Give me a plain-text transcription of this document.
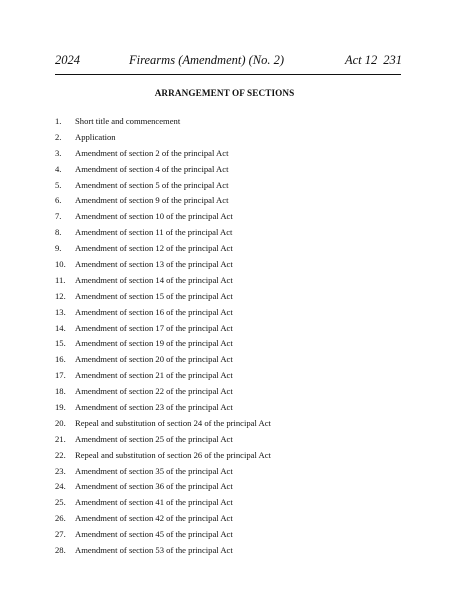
2024	Firearms (Amendment) (No. 2)	Act 12 231
ARRANGEMENT OF SECTIONS
1. Short title and commencement
2. Application
3. Amendment of section 2 of the principal Act
4. Amendment of section 4 of the principal Act
5. Amendment of section 5 of the principal Act
6. Amendment of section 9 of the principal Act
7. Amendment of section 10 of the principal Act
8. Amendment of section 11 of the principal Act
9. Amendment of section 12 of the principal Act
10. Amendment of section 13 of the principal Act
11. Amendment of section 14 of the principal Act
12. Amendment of section 15 of the principal Act
13. Amendment of section 16 of the principal Act
14. Amendment of section 17 of the principal Act
15. Amendment of section 19 of the principal Act
16. Amendment of section 20 of the principal Act
17. Amendment of section 21 of the principal Act
18. Amendment of section 22 of the principal Act
19. Amendment of section 23 of the principal Act
20. Repeal and substitution of section 24 of the principal Act
21. Amendment of section 25 of the principal Act
22. Repeal and substitution of section 26 of the principal Act
23. Amendment of section 35 of the principal Act
24. Amendment of section 36 of the principal Act
25. Amendment of section 41 of the principal Act
26. Amendment of section 42 of the principal Act
27. Amendment of section 45 of the principal Act
28. Amendment of section 53 of the principal Act
